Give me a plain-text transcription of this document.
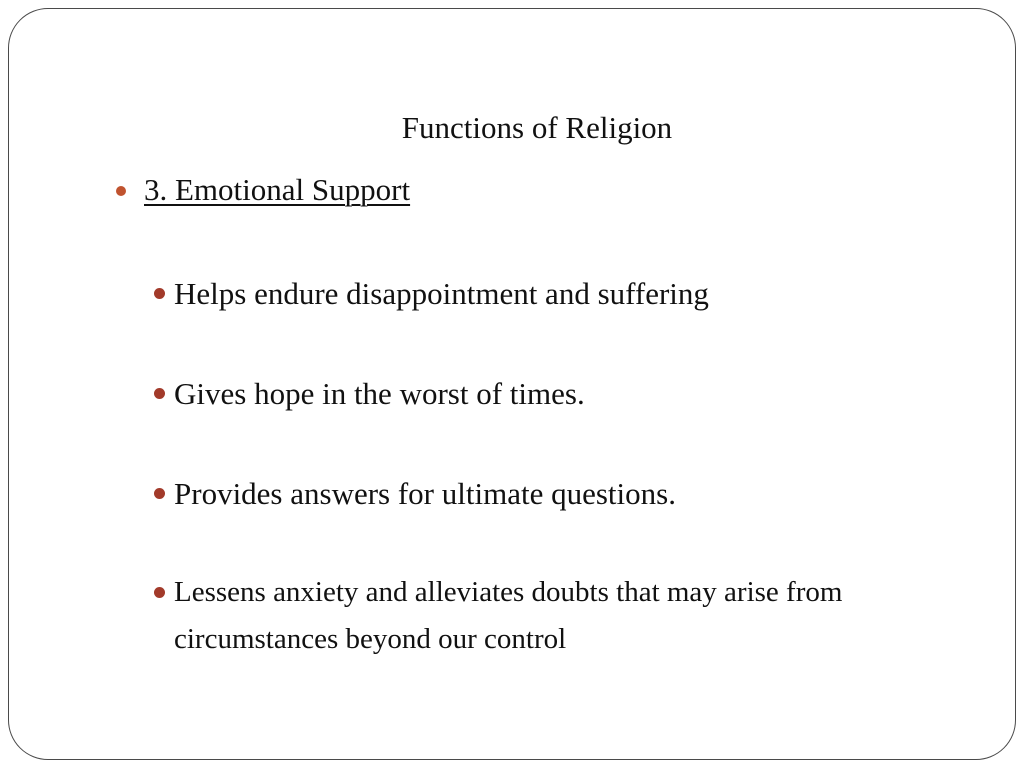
Functions of Religion
3. Emotional Support
Helps endure disappointment and suffering
Gives hope in the worst of times.
Provides answers for ultimate questions.
Lessens anxiety and alleviates doubts that may arise from circumstances beyond our control
